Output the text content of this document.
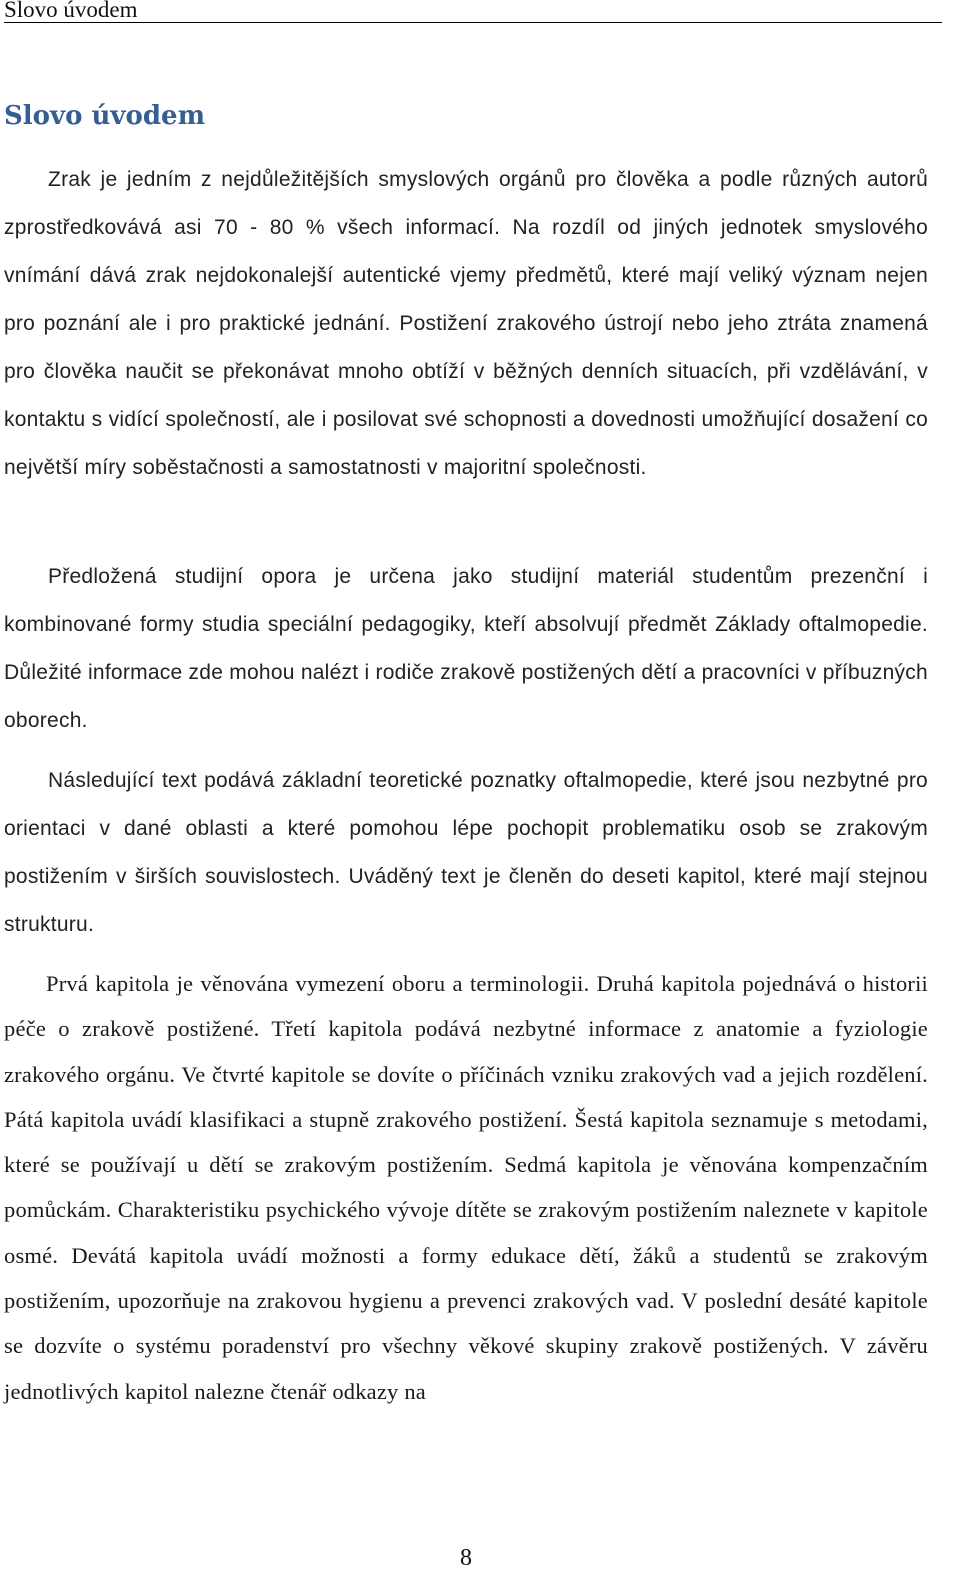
Slovo úvodem
Slovo úvodem

Zrak je jedním z nejdůležitějších smyslových orgánů pro člověka a podle různých autorů zprostředkovává asi 70 - 80 % všech informací. Na rozdíl od jiných jednotek smyslového vnímání dává zrak nejdokonalejší autentické vjemy předmětů, které mají veliký význam nejen pro poznání ale i pro praktické jednání. Postižení zrakového ústrojí nebo jeho ztráta znamená pro člověka naučit se překonávat mnoho obtíží v běžných denních situacích, při vzdělávání, v kontaktu s vidící společností, ale i posilovat své schopnosti a dovednosti umožňující dosažení co největší míry soběstačnosti a samostatnosti v majoritní společnosti.

Předložená studijní opora je určena jako studijní materiál studentům prezenční i kombinované formy studia speciální pedagogiky, kteří absolvují předmět Základy oftalmopedie. Důležité informace zde mohou nalézt i rodiče zrakově postižených dětí a pracovníci v příbuzných oborech.

Následující text podává základní teoretické poznatky oftalmopedie, které jsou nezbytné pro orientaci v dané oblasti a které pomohou lépe pochopit problematiku osob se zrakovým postižením v širších souvislostech. Uváděný text je členěn do deseti kapitol, které mají stejnou strukturu.

Prvá kapitola je věnována vymezení oboru a terminologii. Druhá kapitola pojednává o historii péče o zrakově postižené. Třetí kapitola podává nezbytné informace z anatomie a fyziologie zrakového orgánu. Ve čtvrté kapitole se dovíte o příčinách vzniku zrakových vad a jejich rozdělení. Pátá kapitola uvádí klasifikaci a stupně zrakového postižení. Šestá kapitola seznamuje s metodami, které se používají u dětí se zrakovým postižením. Sedmá kapitola je věnována kompenzačním pomůckám. Charakteristiku psychického vývoje dítěte se zrakovým postižením naleznete v kapitole osmé. Devátá kapitola uvádí možnosti a formy edukace dětí, žáků a studentů se zrakovým postižením, upozorňuje na zrakovou hygienu a prevenci zrakových vad. V poslední desáté kapitole se dozvíte o systému poradenství pro všechny věkové skupiny zrakově postižených. V závěru jednotlivých kapitol nalezne čtenář odkazy na

8
